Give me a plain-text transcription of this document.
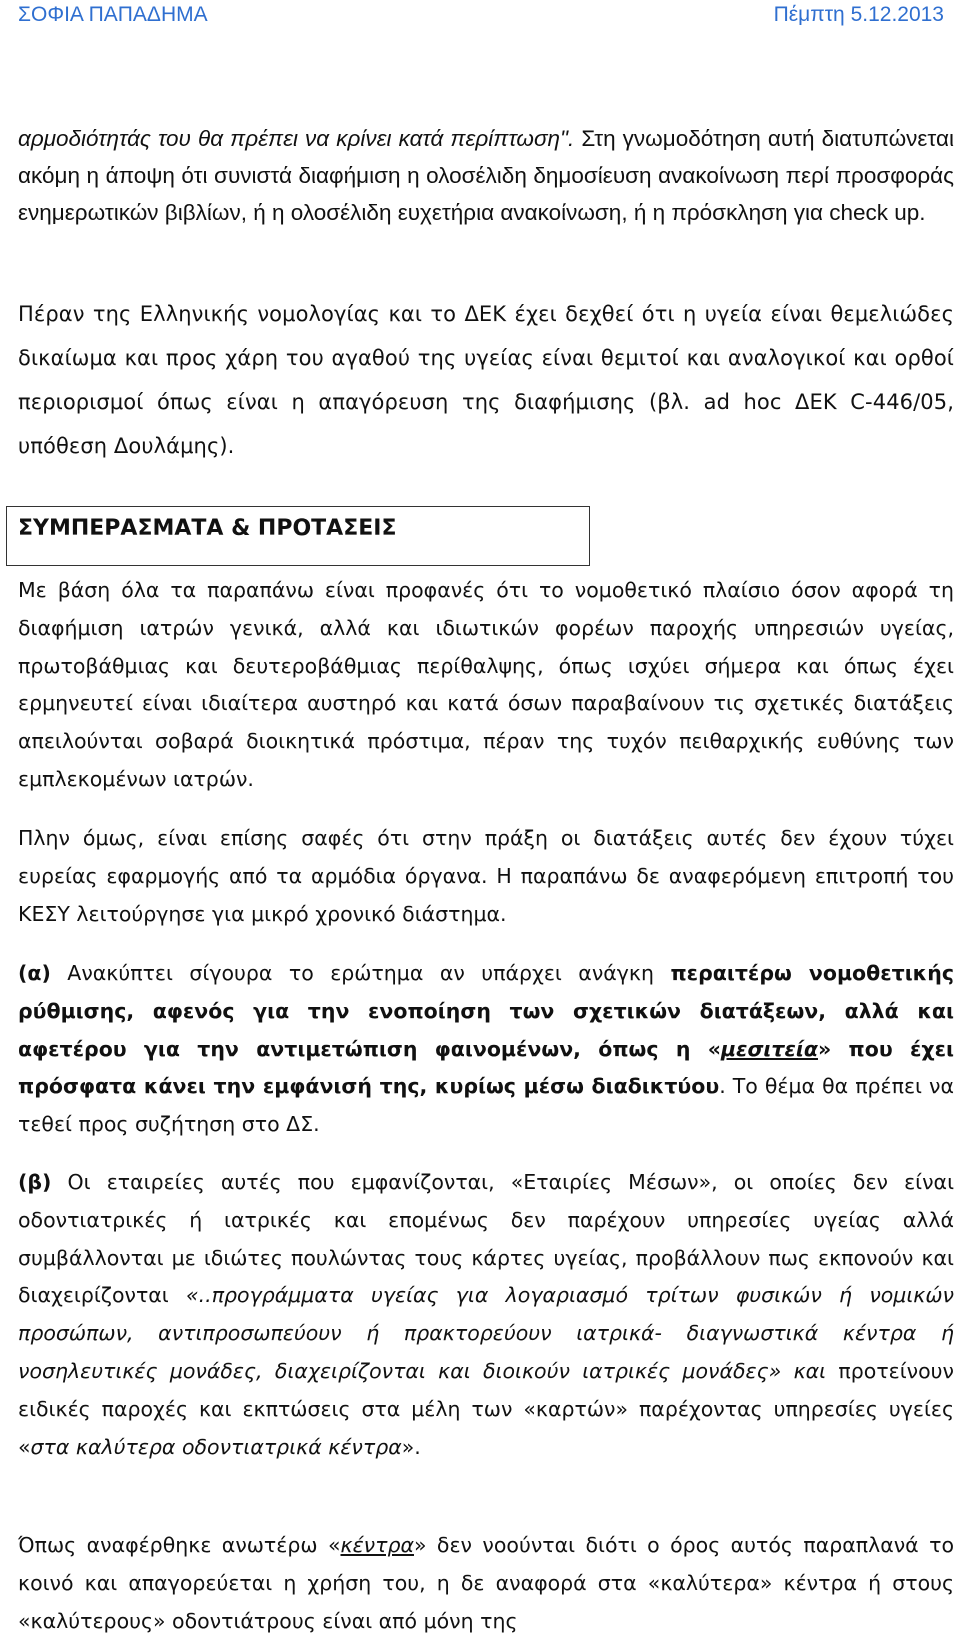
ΣΟΦΙΑ ΠΑΠΑΔΗΜΑ	Πέμπτη 5.12.2013

αρμοδιότητάς του θα πρέπει να κρίνει κατά περίπτωση". Στη γνωμοδότηση αυτή διατυπώνεται ακόμη η άποψη ότι συνιστά διαφήμιση η ολοσέλιδη δημοσίευση ανακοίνωση περί προσφοράς ενημερωτικών βιβλίων, ή η ολοσέλιδη ευχετήρια ανακοίνωση, ή η πρόσκληση για check up.

Πέραν της Ελληνικής νομολογίας και το ΔΕΚ έχει δεχθεί ότι η υγεία είναι θεμελιώδες δικαίωμα και προς χάρη του αγαθού της υγείας είναι θεμιτοί και αναλογικοί και ορθοί περιορισμοί όπως είναι η απαγόρευση της διαφήμισης (βλ. ad hoc ΔΕΚ C-446/05, υπόθεση Δουλάμης).

ΣΥΜΠΕΡΑΣΜΑΤΑ & ΠΡΟΤΑΣΕΙΣ

Με βάση όλα τα παραπάνω είναι προφανές ότι το νομοθετικό πλαίσιο όσον αφορά τη διαφήμιση ιατρών γενικά, αλλά και ιδιωτικών φορέων παροχής υπηρεσιών υγείας, πρωτοβάθμιας και δευτεροβάθμιας περίθαλψης, όπως ισχύει σήμερα και όπως έχει ερμηνευτεί είναι ιδιαίτερα αυστηρό και κατά όσων παραβαίνουν τις σχετικές διατάξεις απειλούνται σοβαρά διοικητικά πρόστιμα, πέραν της τυχόν πειθαρχικής ευθύνης των εμπλεκομένων ιατρών.

Πλην όμως, είναι επίσης σαφές ότι στην πράξη οι διατάξεις αυτές δεν έχουν τύχει ευρείας εφαρμογής από τα αρμόδια όργανα. Η παραπάνω δε αναφερόμενη επιτροπή του ΚΕΣΥ λειτούργησε για μικρό χρονικό διάστημα.

(α) Ανακύπτει σίγουρα το ερώτημα αν υπάρχει ανάγκη περαιτέρω νομοθετικής ρύθμισης, αφενός για την ενοποίηση των σχετικών διατάξεων, αλλά και αφετέρου για την αντιμετώπιση φαινομένων, όπως η «μεσιτεία» που έχει πρόσφατα κάνει την εμφάνισή της, κυρίως μέσω διαδικτύου. Το θέμα θα πρέπει να τεθεί προς συζήτηση στο ΔΣ.

(β) Οι εταιρείες αυτές που εμφανίζονται, «Εταιρίες Μέσων», οι οποίες δεν είναι οδοντιατρικές ή ιατρικές και επομένως δεν παρέχουν υπηρεσίες υγείας αλλά συμβάλλονται με ιδιώτες πουλώντας τους κάρτες υγείας, προβάλλουν πως εκπονούν και διαχειρίζονται «..προγράμματα υγείας για λογαριασμό τρίτων φυσικών ή νομικών προσώπων, αντιπροσωπεύουν ή πρακτορεύουν ιατρικά- διαγνωστικά κέντρα ή νοσηλευτικές μονάδες, διαχειρίζονται και διοικούν ιατρικές μονάδες» και προτείνουν ειδικές παροχές και εκπτώσεις στα μέλη των «καρτών» παρέχοντας υπηρεσίες υγείες «στα καλύτερα οδοντιατρικά κέντρα».

Όπως αναφέρθηκε ανωτέρω «κέντρα» δεν νοούνται διότι ο όρος αυτός παραπλανά το κοινό και απαγορεύεται η χρήση του, η δε αναφορά στα «καλύτερα» κέντρα ή στους «καλύτερους» οδοντιάτρους είναι από μόνη της
